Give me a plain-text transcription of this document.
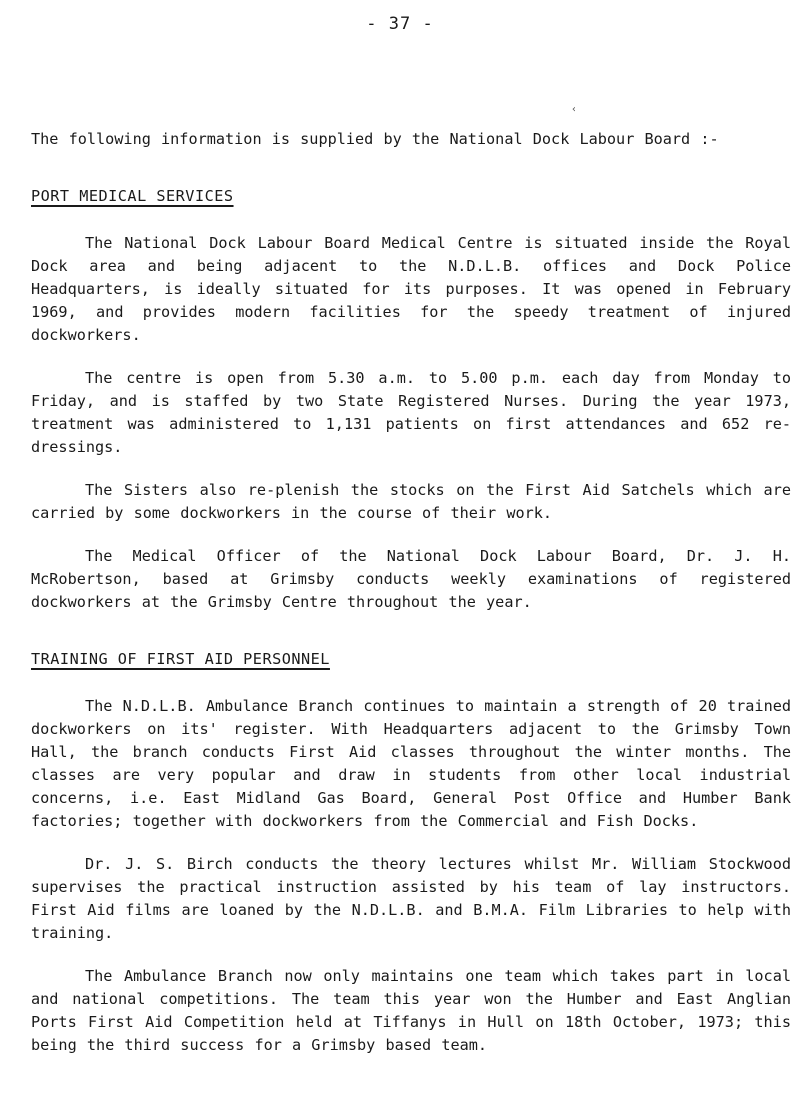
- 37 -
‹

The following information is supplied by the National Dock Labour Board :-

PORT MEDICAL SERVICES

The National Dock Labour Board Medical Centre is situated inside the Royal Dock area and being adjacent to the N.D.L.B. offices and Dock Police Headquarters, is ideally situated for its purposes. It was opened in February 1969, and provides modern facilities for the speedy treatment of injured dockworkers.

The centre is open from 5.30 a.m. to 5.00 p.m. each day from Monday to Friday, and is staffed by two State Registered Nurses. During the year 1973, treatment was administered to 1,131 patients on first attendances and 652 re-dressings.

The Sisters also re-plenish the stocks on the First Aid Satchels which are carried by some dockworkers in the course of their work.

The Medical Officer of the National Dock Labour Board, Dr. J. H. McRobertson, based at Grimsby conducts weekly examinations of registered dockworkers at the Grimsby Centre throughout the year.

TRAINING OF FIRST AID PERSONNEL

The N.D.L.B. Ambulance Branch continues to maintain a strength of 20 trained dockworkers on its' register. With Headquarters adjacent to the Grimsby Town Hall, the branch conducts First Aid classes throughout the winter months. The classes are very popular and draw in students from other local industrial concerns, i.e. East Midland Gas Board, General Post Office and Humber Bank factories; together with dockworkers from the Commercial and Fish Docks.

Dr. J. S. Birch conducts the theory lectures whilst Mr. William Stockwood supervises the practical instruction assisted by his team of lay instructors. First Aid films are loaned by the N.D.L.B. and B.M.A. Film Libraries to help with training.

The Ambulance Branch now only maintains one team which takes part in local and national competitions. The team this year won the Humber and East Anglian Ports First Aid Competition held at Tiffanys in Hull on 18th October, 1973; this being the third success for a Grimsby based team.
